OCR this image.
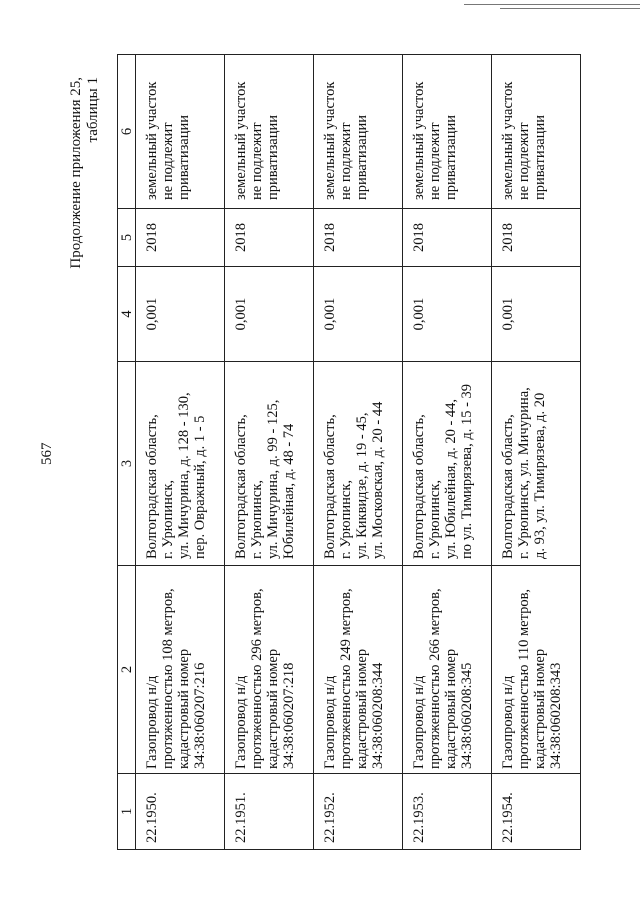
567
Продолжение приложения 25, таблицы 1
1	2	3	4	5	6
22.1950.	Газопровод н/д протяженностью 108 метров, кадастровый номер 34:38:060207:216	Волгоградская область, г. Урюпинск, ул. Мичурина, д. 128 - 130, пер. Овражный, д. 1 - 5	0,001	2018	земельный участок не подлежит приватизации

22.1951.	Газопровод н/д протяженностью 296 метров, кадастровый номер 34:38:060207:218	Волгоградская область, г. Урюпинск, ул. Мичурина, д. 99 - 125, Юбилейная, д. 48 - 74	0,001	2018	земельный участок не подлежит приватизации

22.1952.	Газопровод н/д протяженностью 249 метров, кадастровый номер 34:38:060208:344	Волгоградская область, г. Урюпинск, ул. Киквидзе, д. 19 - 45, ул. Московская, д. 20 - 44	0,001	2018	земельный участок не подлежит приватизации

22.1953.	Газопровод н/д протяженностью 266 метров, кадастровый номер 34:38:060208:345	Волгоградская область, г. Урюпинск, ул. Юбилейная, д. 20 - 44, по ул. Тимирязева, д. 15 - 39	0,001	2018	земельный участок не подлежит приватизации

22.1954.	Газопровод н/д протяженностью 110 метров, кадастровый номер 34:38:060208:343	Волгоградская область, г. Урюпинск, ул. Мичурина, д. 93, ул. Тимирязева, д. 20	0,001	2018	земельный участок не подлежит приватизации
